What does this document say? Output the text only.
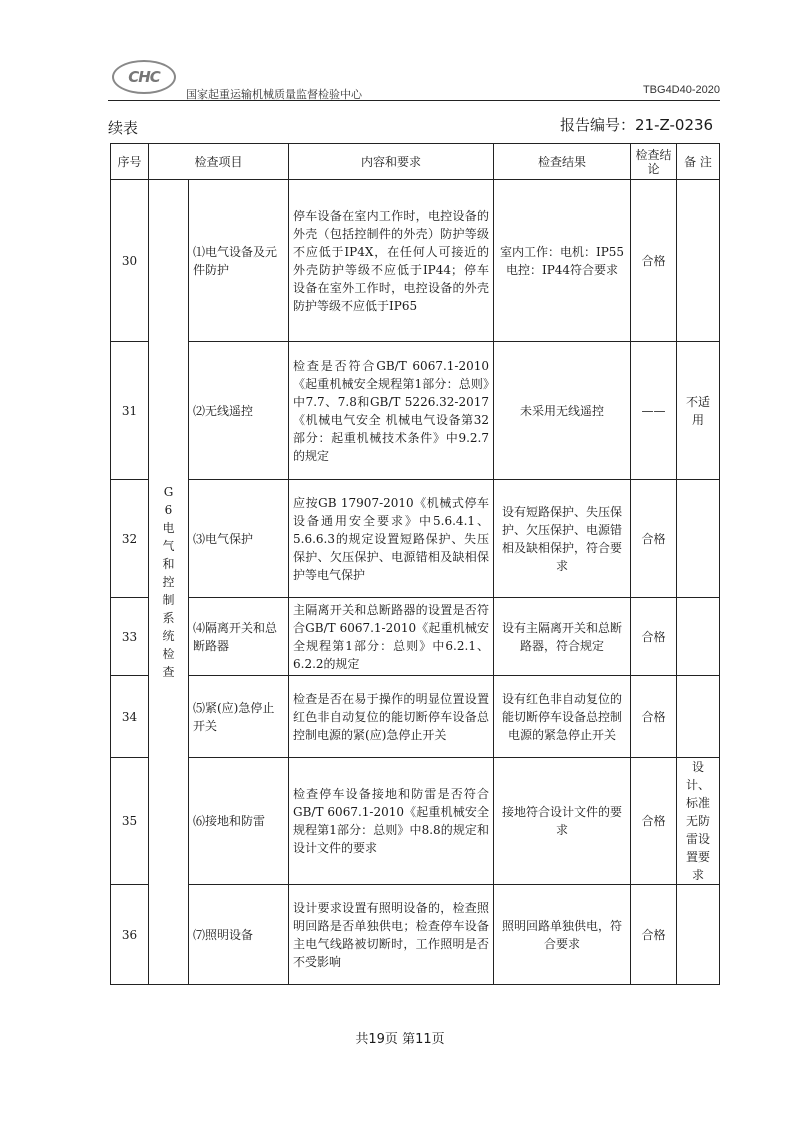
CHC
国家起重运输机械质量监督检验中心	TBG4D40-2020
续表	报告编号：21-Z-0236
序号	检查项目		内容和要求	检查结果	检查结论	备 注
30	G6电气和控制系统检查	⑴电气设备及元件防护	停车设备在室内工作时，电控设备的外壳（包括控制件的外壳）防护等级不应低于IP4X，在任何人可接近的外壳防护等级不应低于IP44；停车设备在室外工作时，电控设备的外壳防护等级不应低于IP65	室内工作：电机：IP55电控：IP44符合要求	合格	
31		⑵无线遥控	检查是否符合GB/T 6067.1-2010《起重机械安全规程第1部分：总则》中7.7、7.8和GB/T 5226.32-2017《机械电气安全 机械电气设备第32部分：起重机械技术条件》中9.2.7的规定	未采用无线遥控	——	不适用
32		⑶电气保护	应按GB 17907-2010《机械式停车设备通用安全要求》中5.6.4.1、5.6.6.3的规定设置短路保护、失压保护、欠压保护、电源错相及缺相保护等电气保护	设有短路保护、失压保护、欠压保护、电源错相及缺相保护，符合要求	合格	
33		⑷隔离开关和总断路器	主隔离开关和总断路器的设置是否符合GB/T 6067.1-2010《起重机械安全规程第1部分：总则》中6.2.1、6.2.2的规定	设有主隔离开关和总断路器，符合规定	合格	
34		⑸紧(应)急停止开关	检查是否在易于操作的明显位置设置红色非自动复位的能切断停车设备总控制电源的紧(应)急停止开关	设有红色非自动复位的能切断停车设备总控制电源的紧急停止开关	合格	
35		⑹接地和防雷	检查停车设备接地和防雷是否符合GB/T 6067.1-2010《起重机械安全规程第1部分：总则》中8.8的规定和设计文件的要求	接地符合设计文件的要求	合格	设计、标准无防雷设置要求
36		⑺照明设备	设计要求设置有照明设备的，检查照明回路是否单独供电；检查停车设备主电气线路被切断时，工作照明是否不受影响	照明回路单独供电，符合要求	合格	
共19页 第11页
